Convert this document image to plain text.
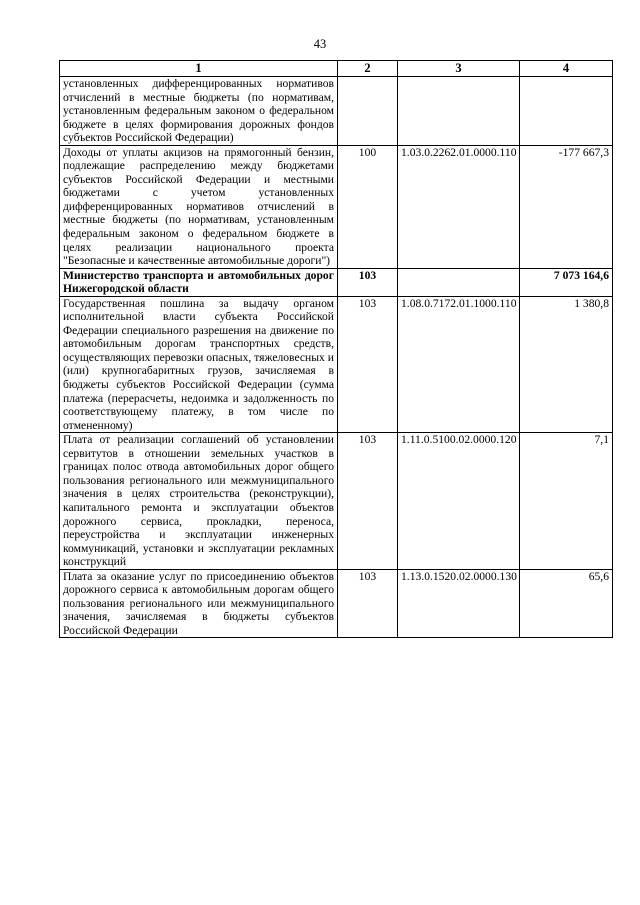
43
1	2	3	4
установленных дифференцированных нормативов отчислений в местные бюджеты (по нормативам, установленным федеральным законом о федеральном бюджете в целях формирования дорожных фондов субъектов Российской Федерации)			
Доходы от уплаты акцизов на прямогонный бензин, подлежащие распределению между бюджетами субъектов Российской Федерации и местными бюджетами с учетом установленных дифференцированных нормативов отчислений в местные бюджеты (по нормативам, установленным федеральным законом о федеральном бюджете в целях реализации национального проекта "Безопасные и качественные автомобильные дороги")	100	1.03.0.2262.01.0000.110	-177 667,3
Министерство транспорта и автомобильных дорог Нижегородской области	103		7 073 164,6
Государственная пошлина за выдачу органом исполнительной власти субъекта Российской Федерации специального разрешения на движение по автомобильным дорогам транспортных средств, осуществляющих перевозки опасных, тяжеловесных и (или) крупногабаритных грузов, зачисляемая в бюджеты субъектов Российской Федерации (сумма платежа (перерасчеты, недоимка и задолженность по соответствующему платежу, в том числе по отмененному)	103	1.08.0.7172.01.1000.110	1 380,8
Плата от реализации соглашений об установлении сервитутов в отношении земельных участков в границах полос отвода автомобильных дорог общего пользования регионального или межмуниципального значения в целях строительства (реконструкции), капитального ремонта и эксплуатации объектов дорожного сервиса, прокладки, переноса, переустройства и эксплуатации инженерных коммуникаций, установки и эксплуатации рекламных конструкций	103	1.11.0.5100.02.0000.120	7,1
Плата за оказание услуг по присоединению объектов дорожного сервиса к автомобильным дорогам общего пользования регионального или межмуниципального значения, зачисляемая в бюджеты субъектов Российской Федерации	103	1.13.0.1520.02.0000.130	65,6
